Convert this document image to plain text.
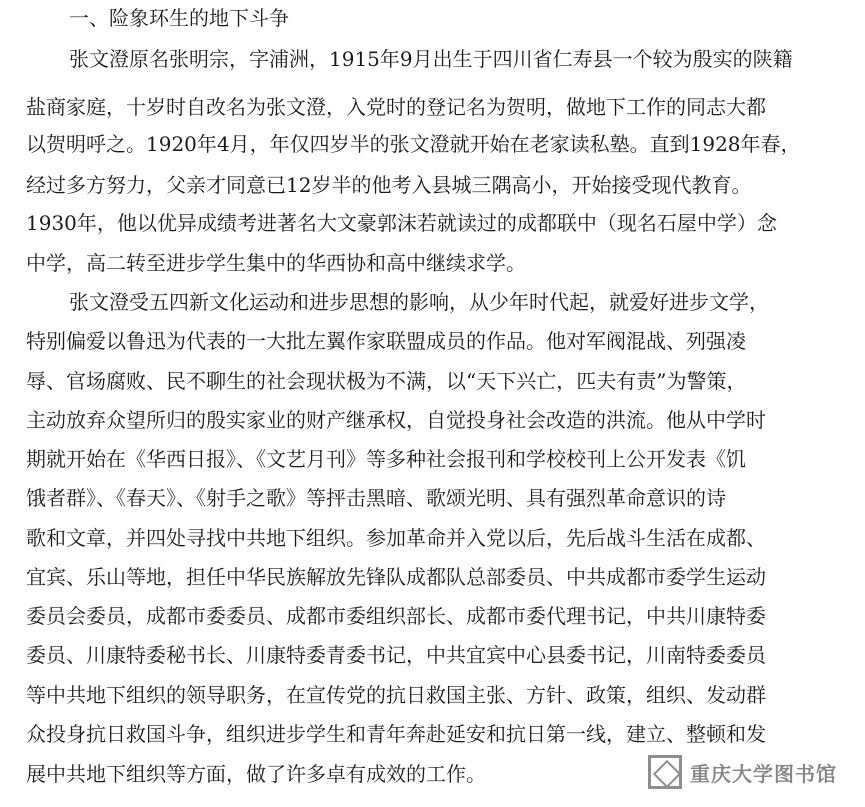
一、险象环生的地下斗争
张文澄原名张明宗，字浦洲，1915年9月出生于四川省仁寿县一个较为殷实的陕籍
盐商家庭，十岁时自改名为张文澄，入党时的登记名为贺明，做地下工作的同志大都
以贺明呼之。1920年4月，年仅四岁半的张文澄就开始在老家读私塾。直到1928年春，
经过多方努力，父亲才同意已12岁半的他考入县城三隅高小，开始接受现代教育。
1930年，他以优异成绩考进著名大文豪郭沫若就读过的成都联中（现名石屋中学）念
中学，高二转至进步学生集中的华西协和高中继续求学。
张文澄受五四新文化运动和进步思想的影响，从少年时代起，就爱好进步文学，
特别偏爱以鲁迅为代表的一大批左翼作家联盟成员的作品。他对军阀混战、列强凌
辱、官场腐败、民不聊生的社会现状极为不满，以“天下兴亡，匹夫有责”为警策，
主动放弃众望所归的殷实家业的财产继承权，自觉投身社会改造的洪流。他从中学时
期就开始在《华西日报》、《文艺月刊》等多种社会报刊和学校校刊上公开发表《饥
饿者群》、《春天》、《射手之歌》等抨击黑暗、歌颂光明、具有强烈革命意识的诗
歌和文章，并四处寻找中共地下组织。参加革命并入党以后，先后战斗生活在成都、
宜宾、乐山等地，担任中华民族解放先锋队成都队总部委员、中共成都市委学生运动
委员会委员，成都市委委员、成都市委组织部长、成都市委代理书记，中共川康特委
委员、川康特委秘书长、川康特委青委书记，中共宜宾中心县委书记，川南特委委员
等中共地下组织的领导职务，在宣传党的抗日救国主张、方针、政策，组织、发动群
众投身抗日救国斗争，组织进步学生和青年奔赴延安和抗日第一线，建立、整顿和发
展中共地下组织等方面，做了许多卓有成效的工作。	重庆大学图书馆
